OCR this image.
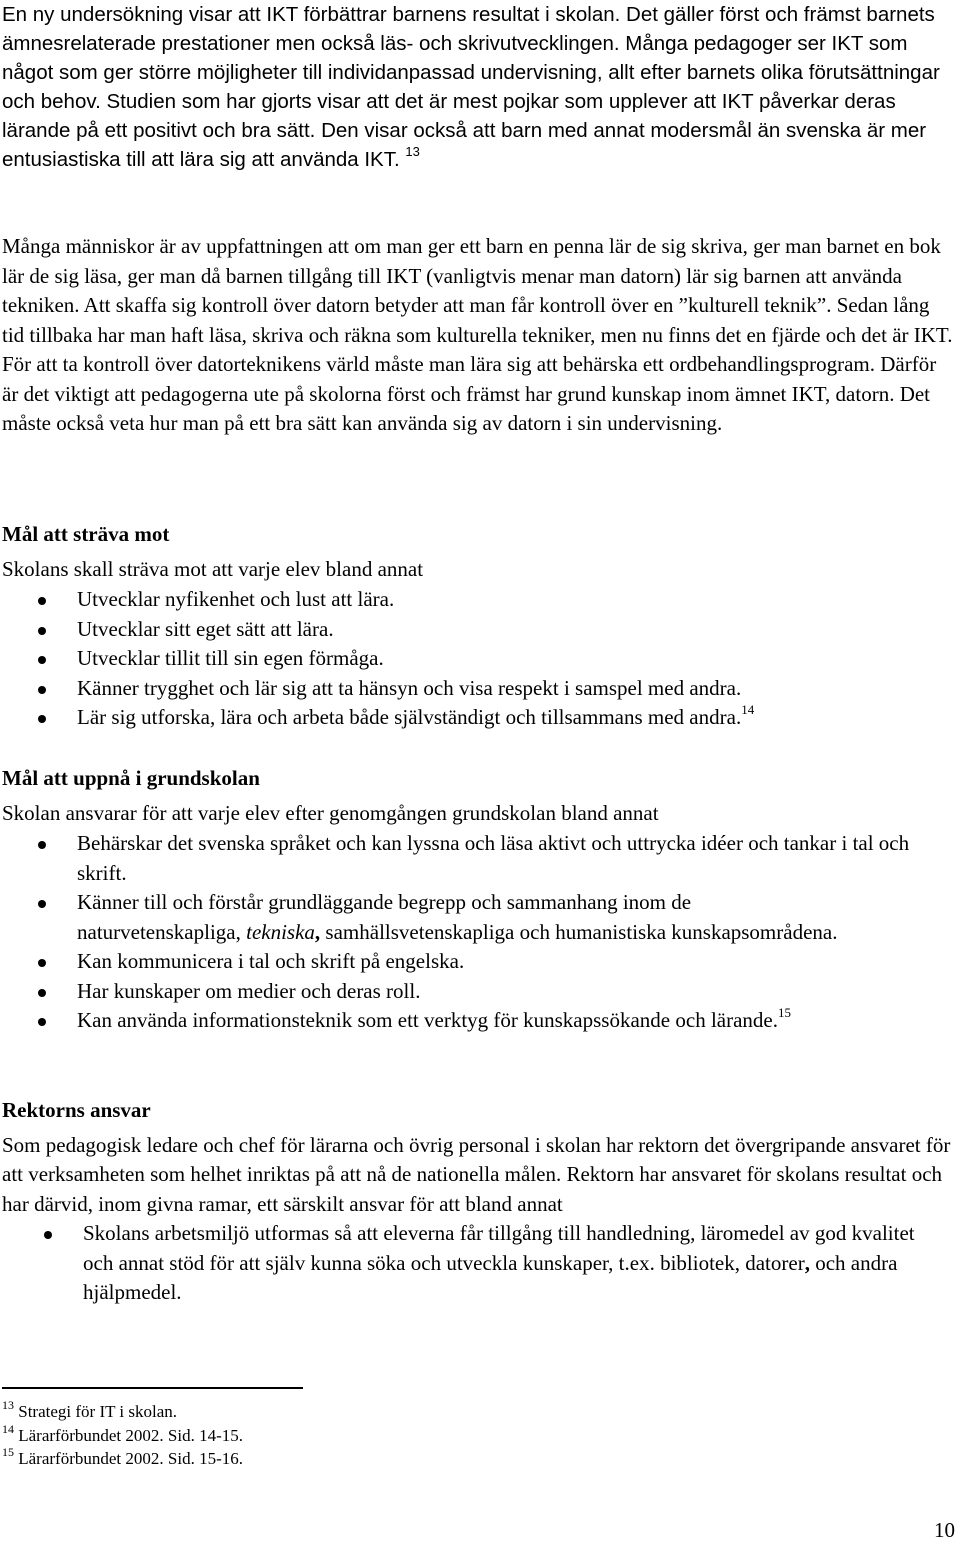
En ny undersökning visar att IKT förbättrar barnens resultat i skolan. Det gäller först och främst barnets ämnesrelaterade prestationer men också läs- och skrivutvecklingen. Många pedagoger ser IKT som något som ger större möjligheter till individanpassad undervisning, allt efter barnets olika förutsättningar och behov. Studien som har gjorts visar att det är mest pojkar som upplever att IKT påverkar deras lärande på ett positivt och bra sätt. Den visar också att barn med annat modersmål än svenska är mer entusiastiska till att lära sig att använda IKT. $^{13}$

Många människor är av uppfattningen att om man ger ett barn en penna lär de sig skriva, ger man barnet en bok lär de sig läsa, ger man då barnen tillgång till IKT (vanligtvis menar man datorn) lär sig barnen att använda tekniken. Att skaffa sig kontroll över datorn betyder att man får kontroll över en ”kulturell teknik”. Sedan lång tid tillbaka har man haft läsa, skriva och räkna som kulturella tekniker, men nu finns det en fjärde och det är IKT. För att ta kontroll över datorteknikens värld måste man lära sig att behärska ett ordbehandlingsprogram. Därför är det viktigt att pedagogerna ute på skolorna först och främst har grund kunskap inom ämnet IKT, datorn. Det måste också veta hur man på ett bra sätt kan använda sig av datorn i sin undervisning.

Mål att sträva mot

Skolans skall sträva mot att varje elev bland annat

Utvecklar nyfikenhet och lust att lära.
Utvecklar sitt eget sätt att lära.
Utvecklar tillit till sin egen förmåga.
Känner trygghet och lär sig att ta hänsyn och visa respekt i samspel med andra.
Lär sig utforska, lära och arbeta både självständigt och tillsammans med andra.$^{14}$
Mål att uppnå i grundskolan

Skolan ansvarar för att varje elev efter genomgången grundskolan bland annat

Behärskar det svenska språket och kan lyssna och läsa aktivt och uttrycka idéer och tankar i tal och skrift.
Känner till och förstår grundläggande begrepp och sammanhang inom de naturvetenskapliga, tekniska, samhällsvetenskapliga och humanistiska kunskapsområdena.
Kan kommunicera i tal och skrift på engelska.
Har kunskaper om medier och deras roll.
Kan använda informationsteknik som ett verktyg för kunskapssökande och lärande.$^{15}$
Rektorns ansvar

Som pedagogisk ledare och chef för lärarna och övrig personal i skolan har rektorn det övergripande ansvaret för att verksamheten som helhet inriktas på att nå de nationella målen. Rektorn har ansvaret för skolans resultat och har därvid, inom givna ramar, ett särskilt ansvar för att bland annat

Skolans arbetsmiljö utformas så att eleverna får tillgång till handledning, läromedel av god kvalitet och annat stöd för att själv kunna söka och utveckla kunskaper, t.ex. bibliotek, datorer, och andra hjälpmedel.
$^{13}$ Strategi för IT i skolan.
$^{14}$ Lärarförbundet 2002. Sid. 14-15.
$^{15}$ Lärarförbundet 2002. Sid. 15-16.
10
